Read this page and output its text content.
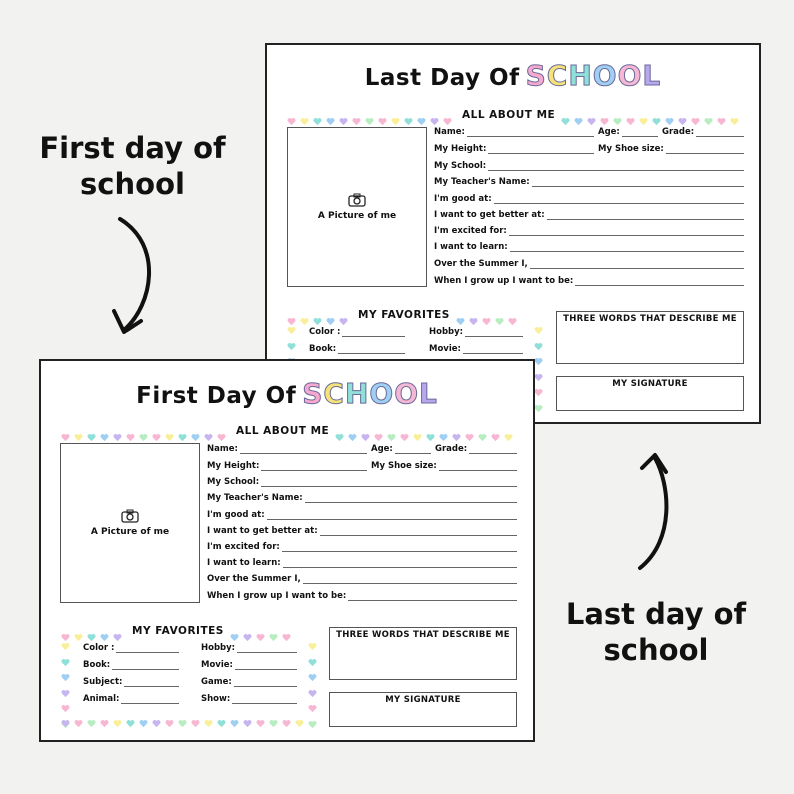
First day of school
Last day of school
Last Day Of SCHOOL
ALL ABOUT ME
A Picture of me
Name:	Age:	Grade:
My Height:	My Shoe size:
My School:
My Teacher's Name:
I'm good at:
I want to get better at:
I'm excited for:
I want to learn:
Over the Summer I,
When I grow up I want to be:
MY FAVORITES
Color :	Hobby:
Book:	Movie:
THREE WORDS THAT DESCRIBE ME
MY SIGNATURE
First Day Of SCHOOL
ALL ABOUT ME
A Picture of me
Name:	Age:	Grade:
My Height:	My Shoe size:
My School:
My Teacher's Name:
I'm good at:
I want to get better at:
I'm excited for:
I want to learn:
Over the Summer I,
When I grow up I want to be:
MY FAVORITES
Color :	Hobby:
Book:	Movie:
Subject:	Game:
Animal:	Show:
THREE WORDS THAT DESCRIBE ME
MY SIGNATURE
